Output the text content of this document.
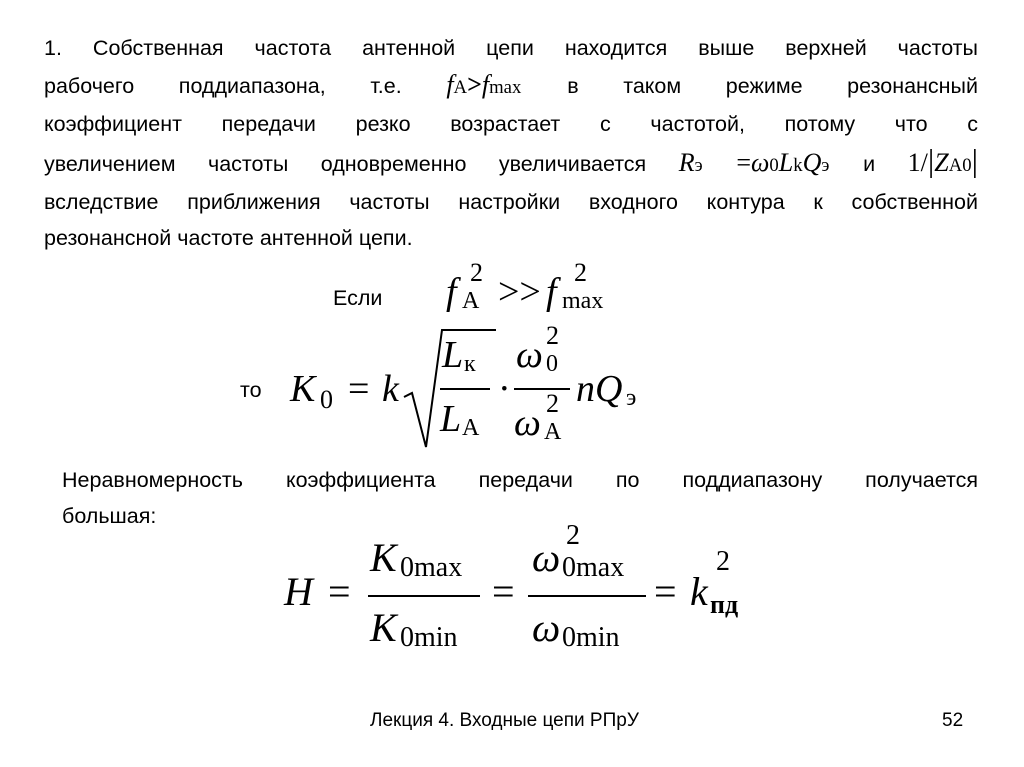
1. Собственная частота антенной цепи находится выше верхней частоты
рабочего поддиапазона, т.е. fA>fmax в таком режиме резонансный
коэффициент передачи резко возрастает с частотой, потому что с
увеличением частоты одновременно увеличивается Rэ =ω0LkQэ и 1/|ZA0|
вследствие приближения частоты настройки входного контура к собственной
резонансной частоте антенной цепи.
Если f A
2 >> f max
2
то K 0 = k
L к
L A
·
ω 0
2
ω A
2 nQ э
Неравномерность коэффициента передачи по поддиапазону получается
большая:
H =
K 0max
K 0min
=
ω 2
0max
ω 0min
= k
2
пд
Лекция 4. Входные цепи РПрУ	52
